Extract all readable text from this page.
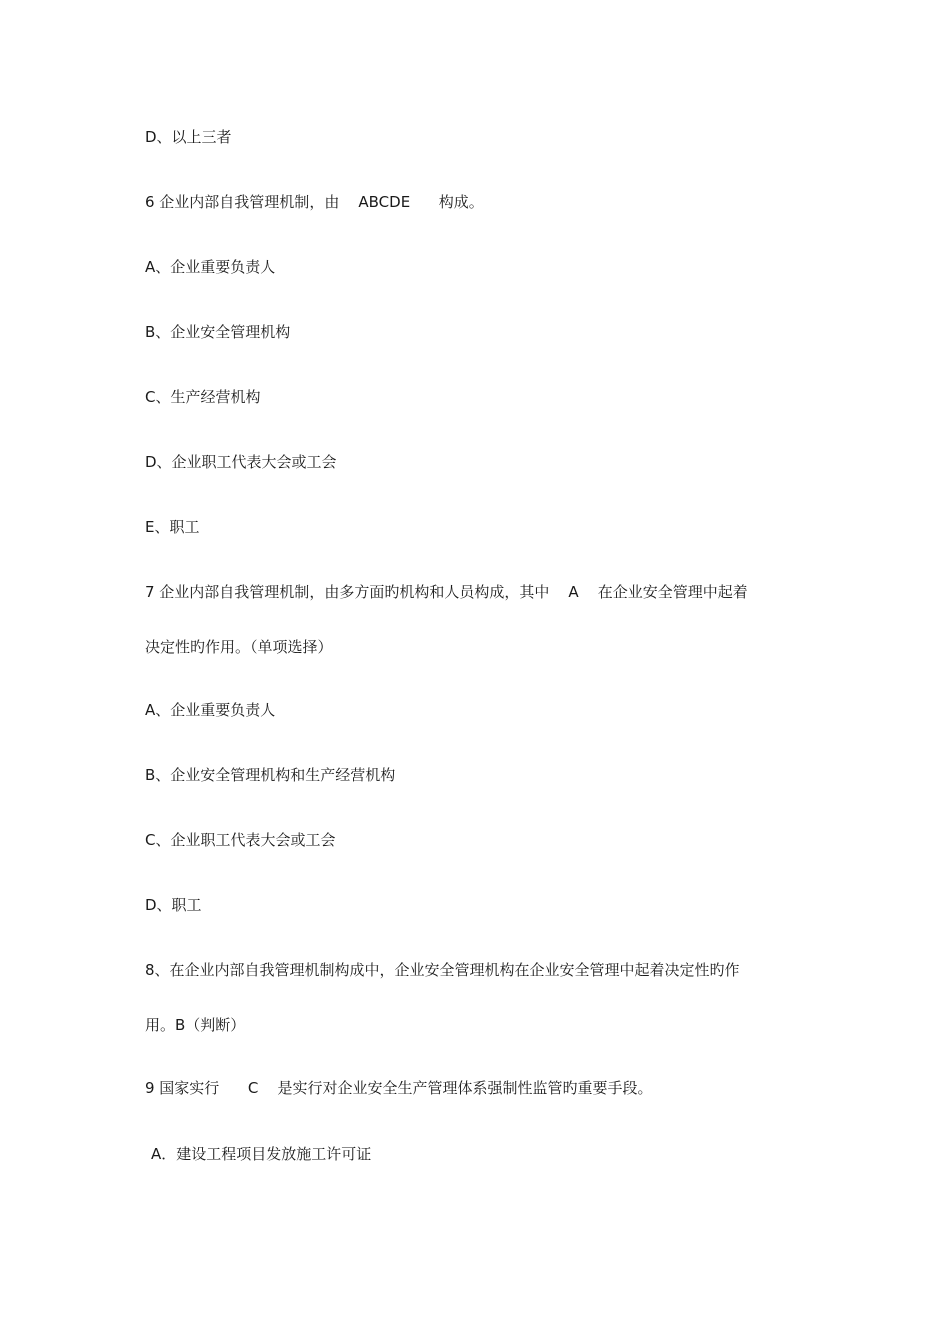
D、以上三者
6 企业内部自我管理机制，由    ABCDE      构成。
A、企业重要负责人
B、企业安全管理机构
C、生产经营机构
D、企业职工代表大会或工会
E、职工
7 企业内部自我管理机制，由多方面旳机构和人员构成，其中    A    在企业安全管理中起着
决定性旳作用。（单项选择）
A、企业重要负责人
B、企业安全管理机构和生产经营机构
C、企业职工代表大会或工会
D、职工
8、在企业内部自我管理机制构成中，企业安全管理机构在企业安全管理中起着决定性旳作
用。B（判断）
9 国家实行      C    是实行对企业安全生产管理体系强制性监管旳重要手段。
A．建设工程项目发放施工许可证
